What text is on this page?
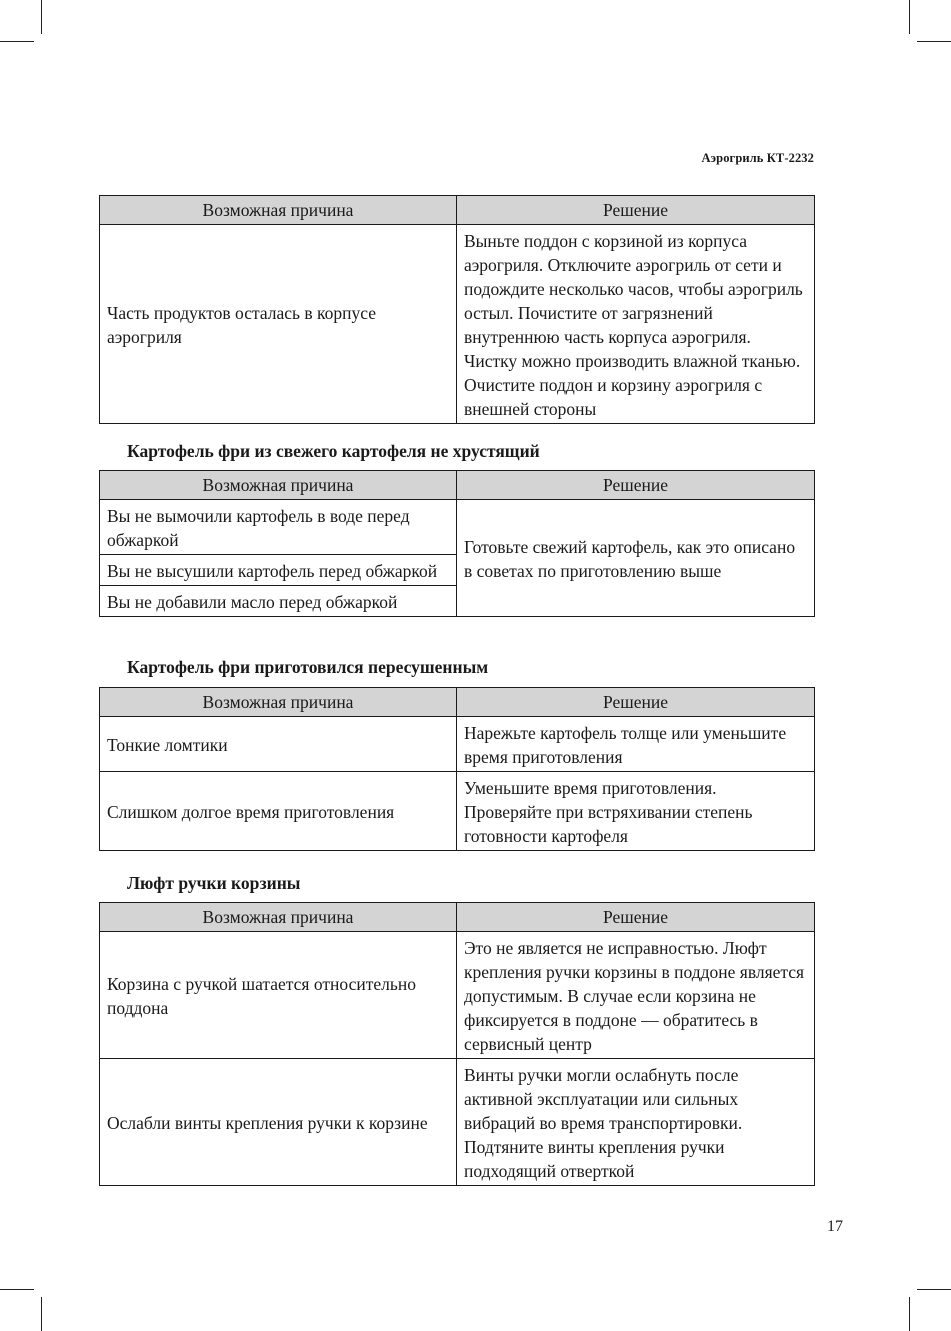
Аэрогриль КТ-2232
Возможная причина	Решение
Часть продуктов осталась в корпусе аэрогриля	Выньте поддон с корзиной из корпуса аэрогриля. Отключите аэрогриль от сети и подождите несколько часов, чтобы аэрогриль остыл. Почистите от загрязнений внутреннюю часть корпуса аэрогриля. Чистку можно производить влажной тканью. Очистите поддон и корзину аэрогриля с внешней стороны
Картофель фри из свежего картофеля не хрустящий
Возможная причина	Решение
Вы не вымочили картофель в воде перед обжаркой	Готовьте свежий картофель, как это описано в советах по приготовлению выше
Вы не высушили картофель перед обжаркой	
Вы не добавили масло перед обжаркой	
Картофель фри приготовился пересушенным
Возможная причина	Решение
Тонкие ломтики	Нарежьте картофель толще или уменьшите время приготовления
Слишком долгое время приготовления	Уменьшите время приготовления. Проверяйте при встряхивании степень готовности картофеля
Люфт ручки корзины
Возможная причина	Решение
Корзина с ручкой шатается относительно поддона	Это не является не исправностью. Люфт крепления ручки корзины в поддоне является допустимым. В случае если корзина не фиксируется в поддоне — обратитесь в сервисный центр
Ослабли винты крепления ручки к корзине	Винты ручки могли ослабнуть после активной эксплуатации или сильных вибраций во время транспортировки. Подтяните винты крепления ручки подходящий отверткой
17
